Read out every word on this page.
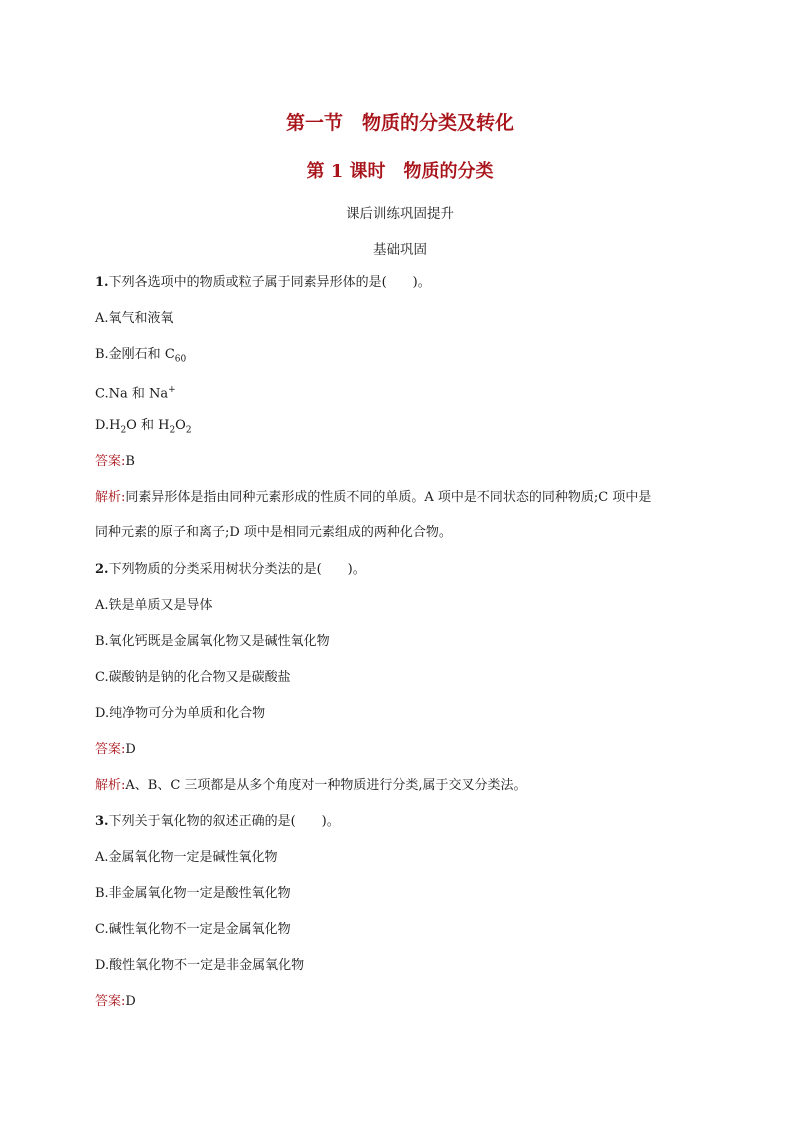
第一节　物质的分类及转化
第 1 课时　物质的分类
课后训练巩固提升
基础巩固
1.下列各选项中的物质或粒子属于同素异形体的是(　　)。
A.氧气和液氧
B.金刚石和 $C_{60}$
C.Na 和 Na+
$D.H_2O$ 和 $H_2O_2$
答案:B
解析:同素异形体是指由同种元素形成的性质不同的单质。A 项中是不同状态的同种物质;C 项中是
同种元素的原子和离子;D 项中是相同元素组成的两种化合物。
2.下列物质的分类采用树状分类法的是(　　)。
A.铁是单质又是导体
B.氧化钙既是金属氧化物又是碱性氧化物
C.碳酸钠是钠的化合物又是碳酸盐
D.纯净物可分为单质和化合物
答案:D
解析:A、B、C 三项都是从多个角度对一种物质进行分类,属于交叉分类法。
3.下列关于氧化物的叙述正确的是(　　)。
A.金属氧化物一定是碱性氧化物
B.非金属氧化物一定是酸性氧化物
C.碱性氧化物不一定是金属氧化物
D.酸性氧化物不一定是非金属氧化物
答案:D
